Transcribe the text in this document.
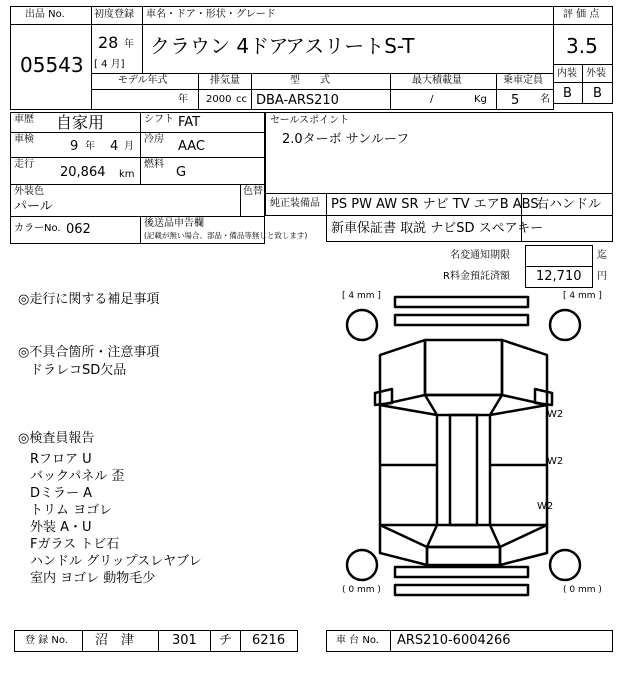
出品 No.
05543
初度登録
28 年
[ 4 月]
車名・ドア・形状・グレード
クラウン 4ドア
アスリートS-T
評 価 点
3.5
内装 外装
B B
モデル年式
年
排気量
2000 cc
型　　式
DBA-ARS210
最大積載量
/	Kg
乗車定員
5 名
車歴 自家用	シフト FAT
車検	9 年 4 月
冷房 AAC
走行
20,864 km
燃料
G
外装色
パール
色替
カラーNo. 062	後送品申告欄
(記載が無い場合、部品・備品等無しと致します)
セールスポイント
2.0ターボ サンルーフ
純正装備品 PS PW AW SR ナビ TV エアB ABS
右ハンドル
新車保証書 取説 ナビSD スペアキー
名変通知期限	迄
R料金預託済額 12,710 円
◎走行に関する補足事項
◎不具合箇所・注意事項
ドラレコSD欠品
◎検査員報告
Rフロア U
バックパネル 歪
Dミラー A
トリム ヨゴレ
外装 A・U
Fガラス トビ石
ハンドル グリップスレヤブレ
室内 ヨゴレ 動物毛少
[ 4 mm ]	[ 4 mm ]
( 0 mm )	( 0 mm )
W2
W2
W2
登 録 No. 沼　津	301 チ 6216	車 台 No. ARS210-6004266
